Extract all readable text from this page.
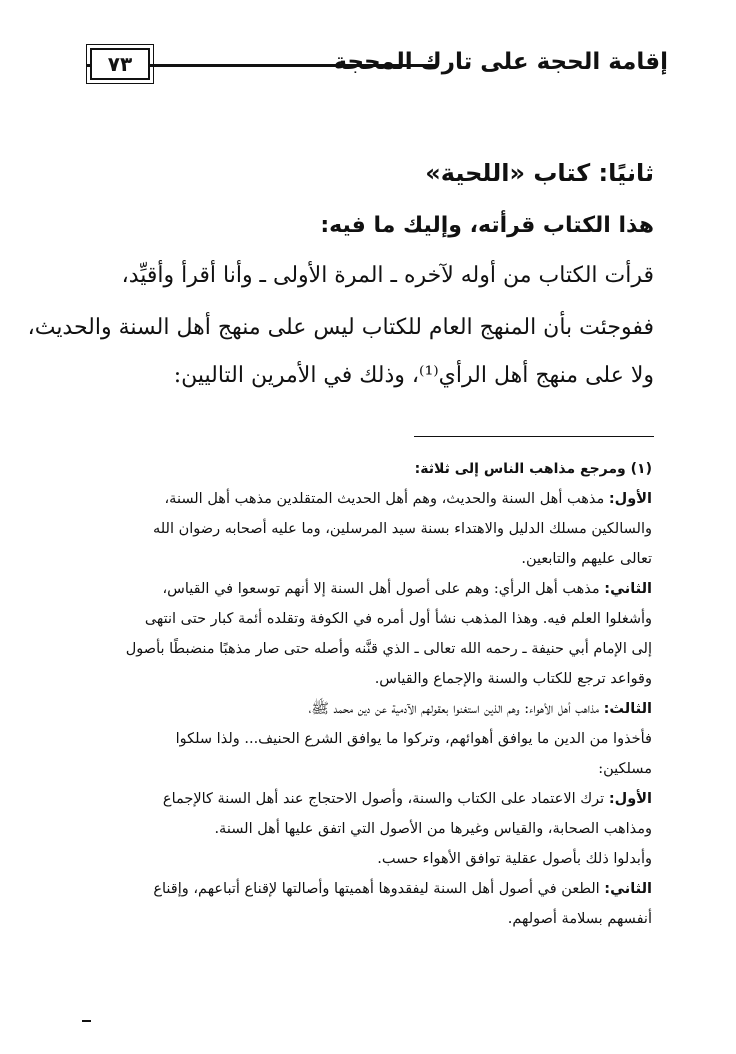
إقامة الحجة على تارك المحجة
٧٣
ثانيًا: كتاب «اللحية»
هذا الكتاب قرأته، وإليك ما فيه:
قرأت الكتاب من أوله لآخره ـ المرة الأولى ـ وأنا أقرأ وأقيِّد،
ففوجئت بأن المنهج العام للكتاب ليس على منهج أهل السنة والحديث،
ولا على منهج أهل الرأي⁽¹⁾، وذلك في الأمرين التاليين:
(١) ومرجع مذاهب الناس إلى ثلاثة:
الأول: مذهب أهل السنة والحديث، وهم أهل الحديث المتقلدين مذهب أهل السنة،
والسالكين مسلك الدليل والاهتداء بسنة سيد المرسلين، وما عليه أصحابه رضوان الله
تعالى عليهم والتابعين.
الثاني: مذهب أهل الرأي: وهم على أصول أهل السنة إلا أنهم توسعوا في القياس،
وأشغلوا العلم فيه. وهذا المذهب نشأ أول أمره في الكوفة وتقلده أئمة كبار حتى انتهى
إلى الإمام أبي حنيفة ـ رحمه الله تعالى ـ الذي قنَّنه وأصله حتى صار مذهبًا منضبطًا بأصول
وقواعد ترجع للكتاب والسنة والإجماع والقياس.
الثالث: مذاهب أهل الأهواء: وهم الذين استغنوا بعقولهم الآدمية عن دين محمد ﷺ،
فأخذوا من الدين ما يوافق أهوائهم، وتركوا ما يوافق الشرع الحنيف... ولذا سلكوا
مسلكين:
الأول: ترك الاعتماد على الكتاب والسنة، وأصول الاحتجاج عند أهل السنة كالإجماع
ومذاهب الصحابة، والقياس وغيرها من الأصول التي اتفق عليها أهل السنة.
وأبدلوا ذلك بأصول عقلية توافق الأهواء حسب.
الثاني: الطعن في أصول أهل السنة ليفقدوها أهميتها وأصالتها لإقناع أتباعهم، وإقناع
أنفسهم بسلامة أصولهم.
